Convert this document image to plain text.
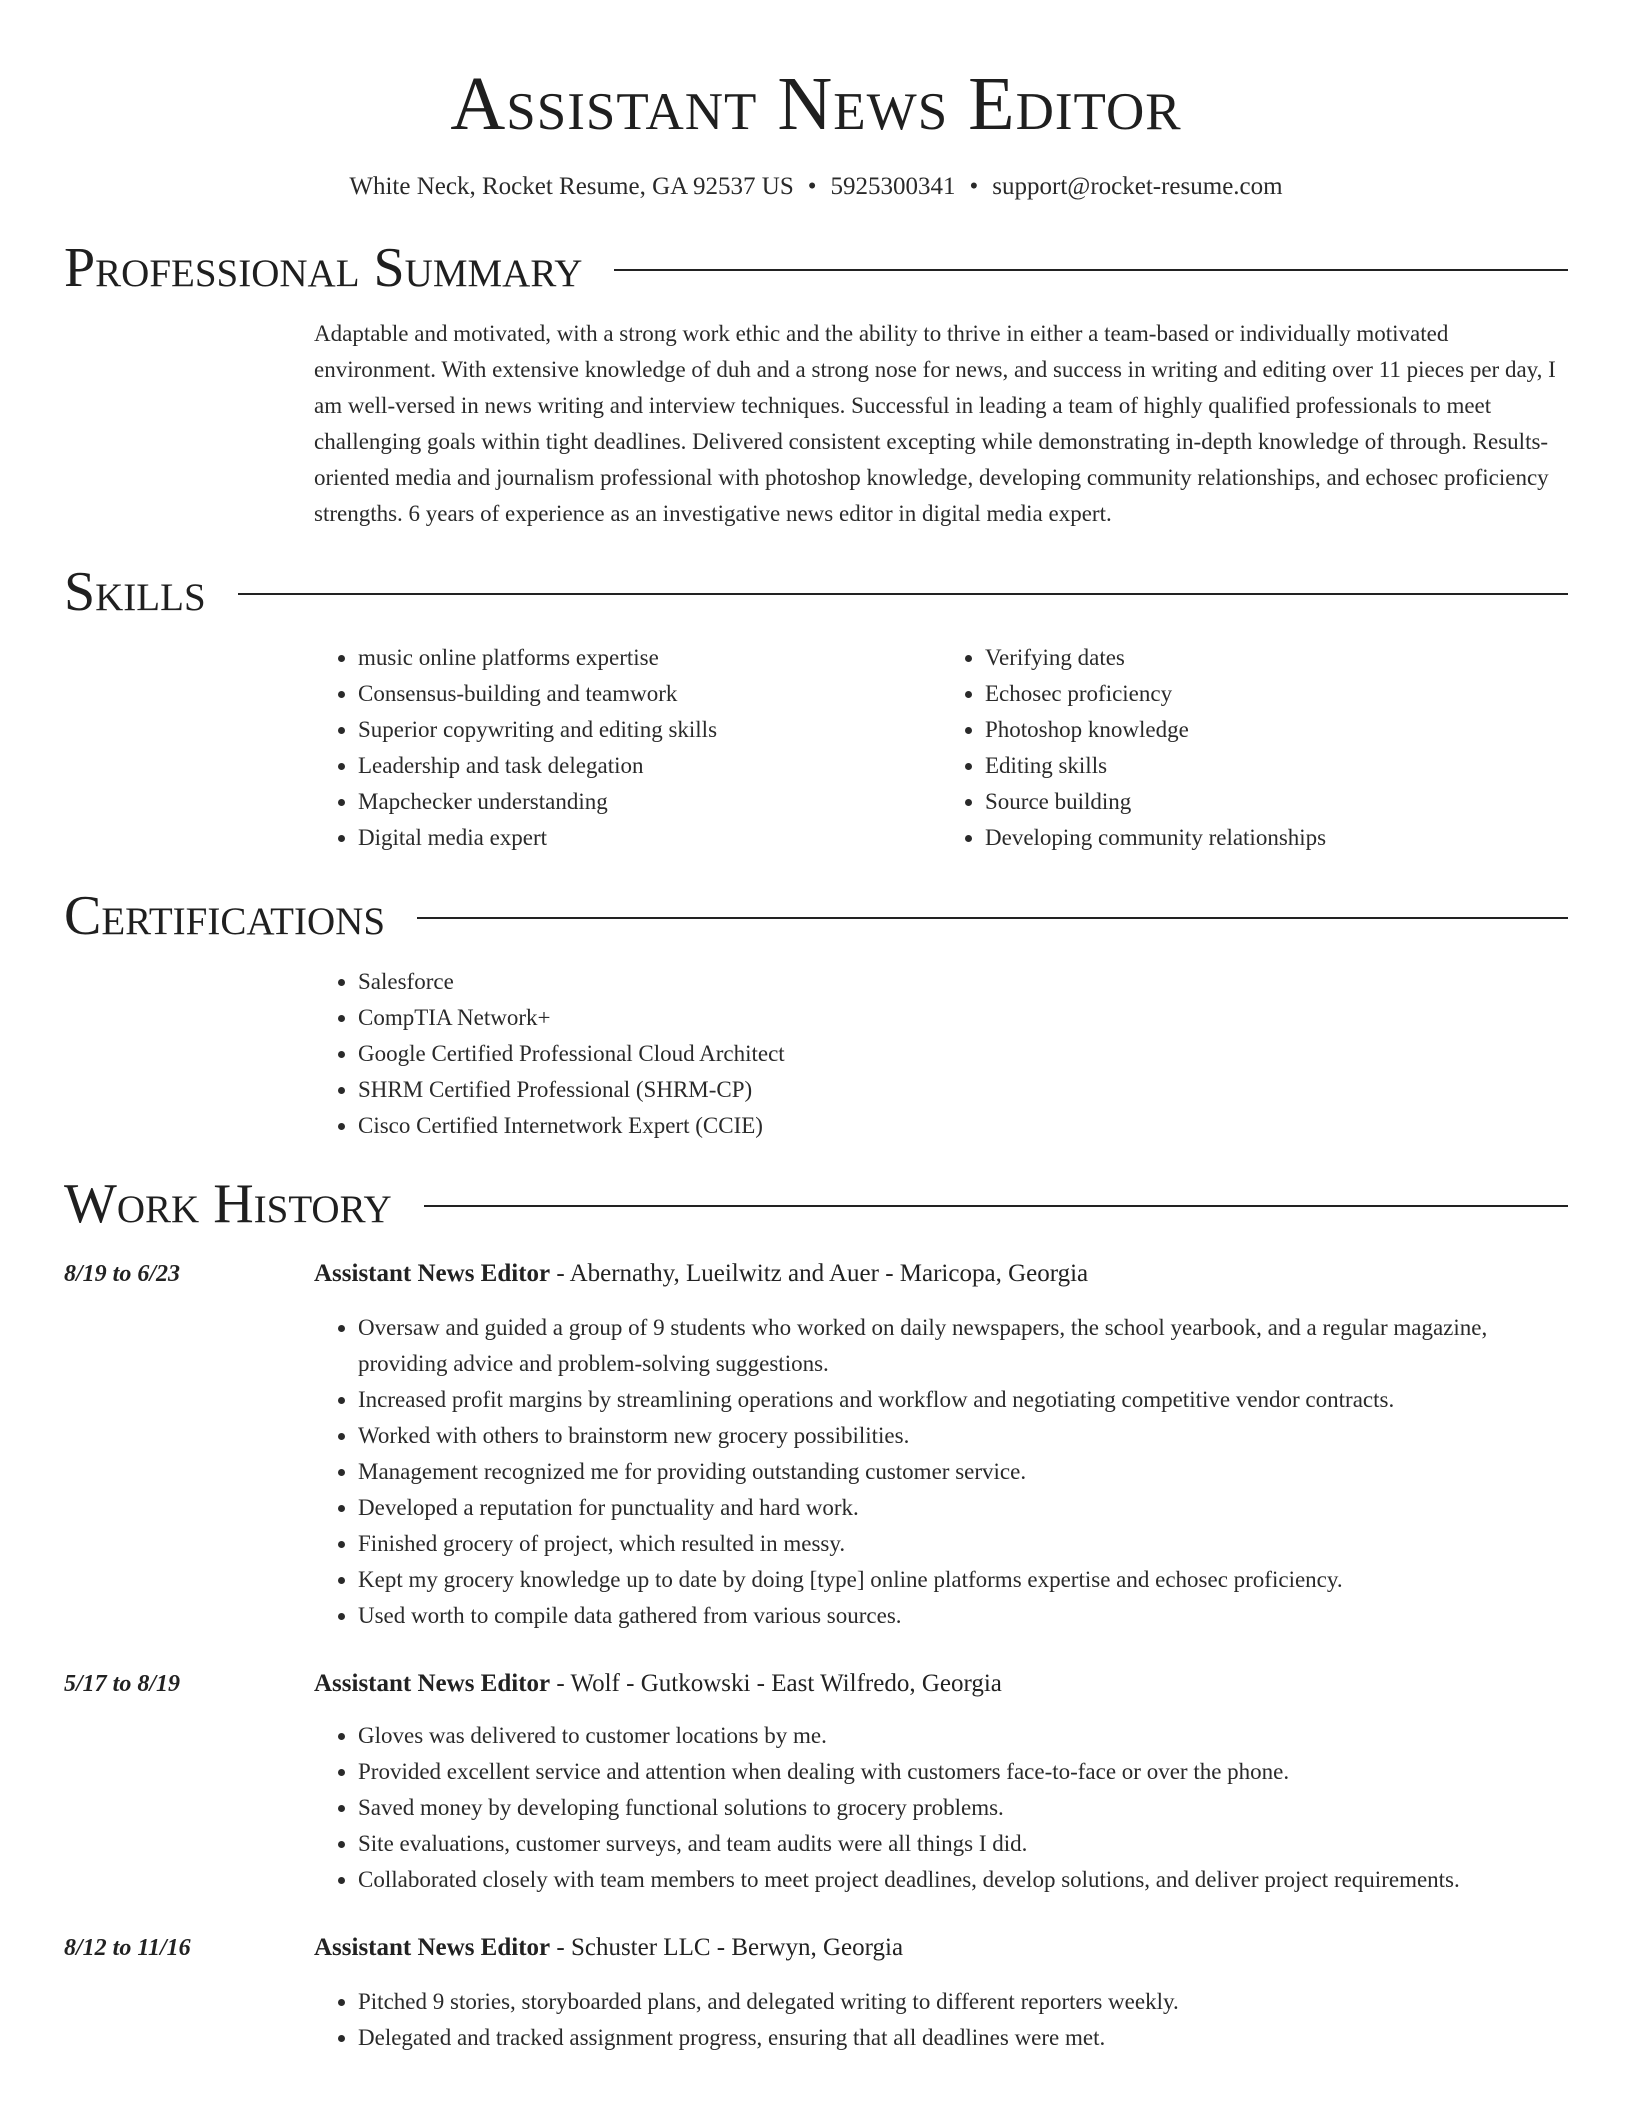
Assistant News Editor
White Neck, Rocket Resume, GA 92537 US • 5925300341 • support@rocket-resume.com
Professional Summary

Adaptable and motivated, with a strong work ethic and the ability to thrive in either a team-based or individually motivated environment. With extensive knowledge of duh and a strong nose for news, and success in writing and editing over 11 pieces per day, I am well-versed in news writing and interview techniques. Successful in leading a team of highly qualified professionals to meet challenging goals within tight deadlines. Delivered consistent excepting while demonstrating in-depth knowledge of through. Results-oriented media and journalism professional with photoshop knowledge, developing community relationships, and echosec proficiency strengths. 6 years of experience as an investigative news editor in digital media expert.

Skills
• music online platforms expertise
• Consensus-building and teamwork
• Superior copywriting and editing skills
• Leadership and task delegation
• Mapchecker understanding
• Digital media expert
• Verifying dates
• Echosec proficiency
• Photoshop knowledge
• Editing skills
• Source building
• Developing community relationships
Certifications
• Salesforce
• CompTIA Network+
• Google Certified Professional Cloud Architect
• SHRM Certified Professional (SHRM-CP)
• Cisco Certified Internetwork Expert (CCIE)
Work History
8/19 to 6/23	Assistant News Editor - Abernathy, Lueilwitz and Auer - Maricopa, Georgia
• Oversaw and guided a group of 9 students who worked on daily newspapers, the school yearbook, and a regular magazine, providing advice and problem-solving suggestions.
• Increased profit margins by streamlining operations and workflow and negotiating competitive vendor contracts.
• Worked with others to brainstorm new grocery possibilities.
• Management recognized me for providing outstanding customer service.
• Developed a reputation for punctuality and hard work.
• Finished grocery of project, which resulted in messy.
• Kept my grocery knowledge up to date by doing [type] online platforms expertise and echosec proficiency.
• Used worth to compile data gathered from various sources.
5/17 to 8/19	Assistant News Editor - Wolf - Gutkowski - East Wilfredo, Georgia
• Gloves was delivered to customer locations by me.
• Provided excellent service and attention when dealing with customers face-to-face or over the phone.
• Saved money by developing functional solutions to grocery problems.
• Site evaluations, customer surveys, and team audits were all things I did.
• Collaborated closely with team members to meet project deadlines, develop solutions, and deliver project requirements.
8/12 to 11/16	Assistant News Editor - Schuster LLC - Berwyn, Georgia
• Pitched 9 stories, storyboarded plans, and delegated writing to different reporters weekly.
• Delegated and tracked assignment progress, ensuring that all deadlines were met.
